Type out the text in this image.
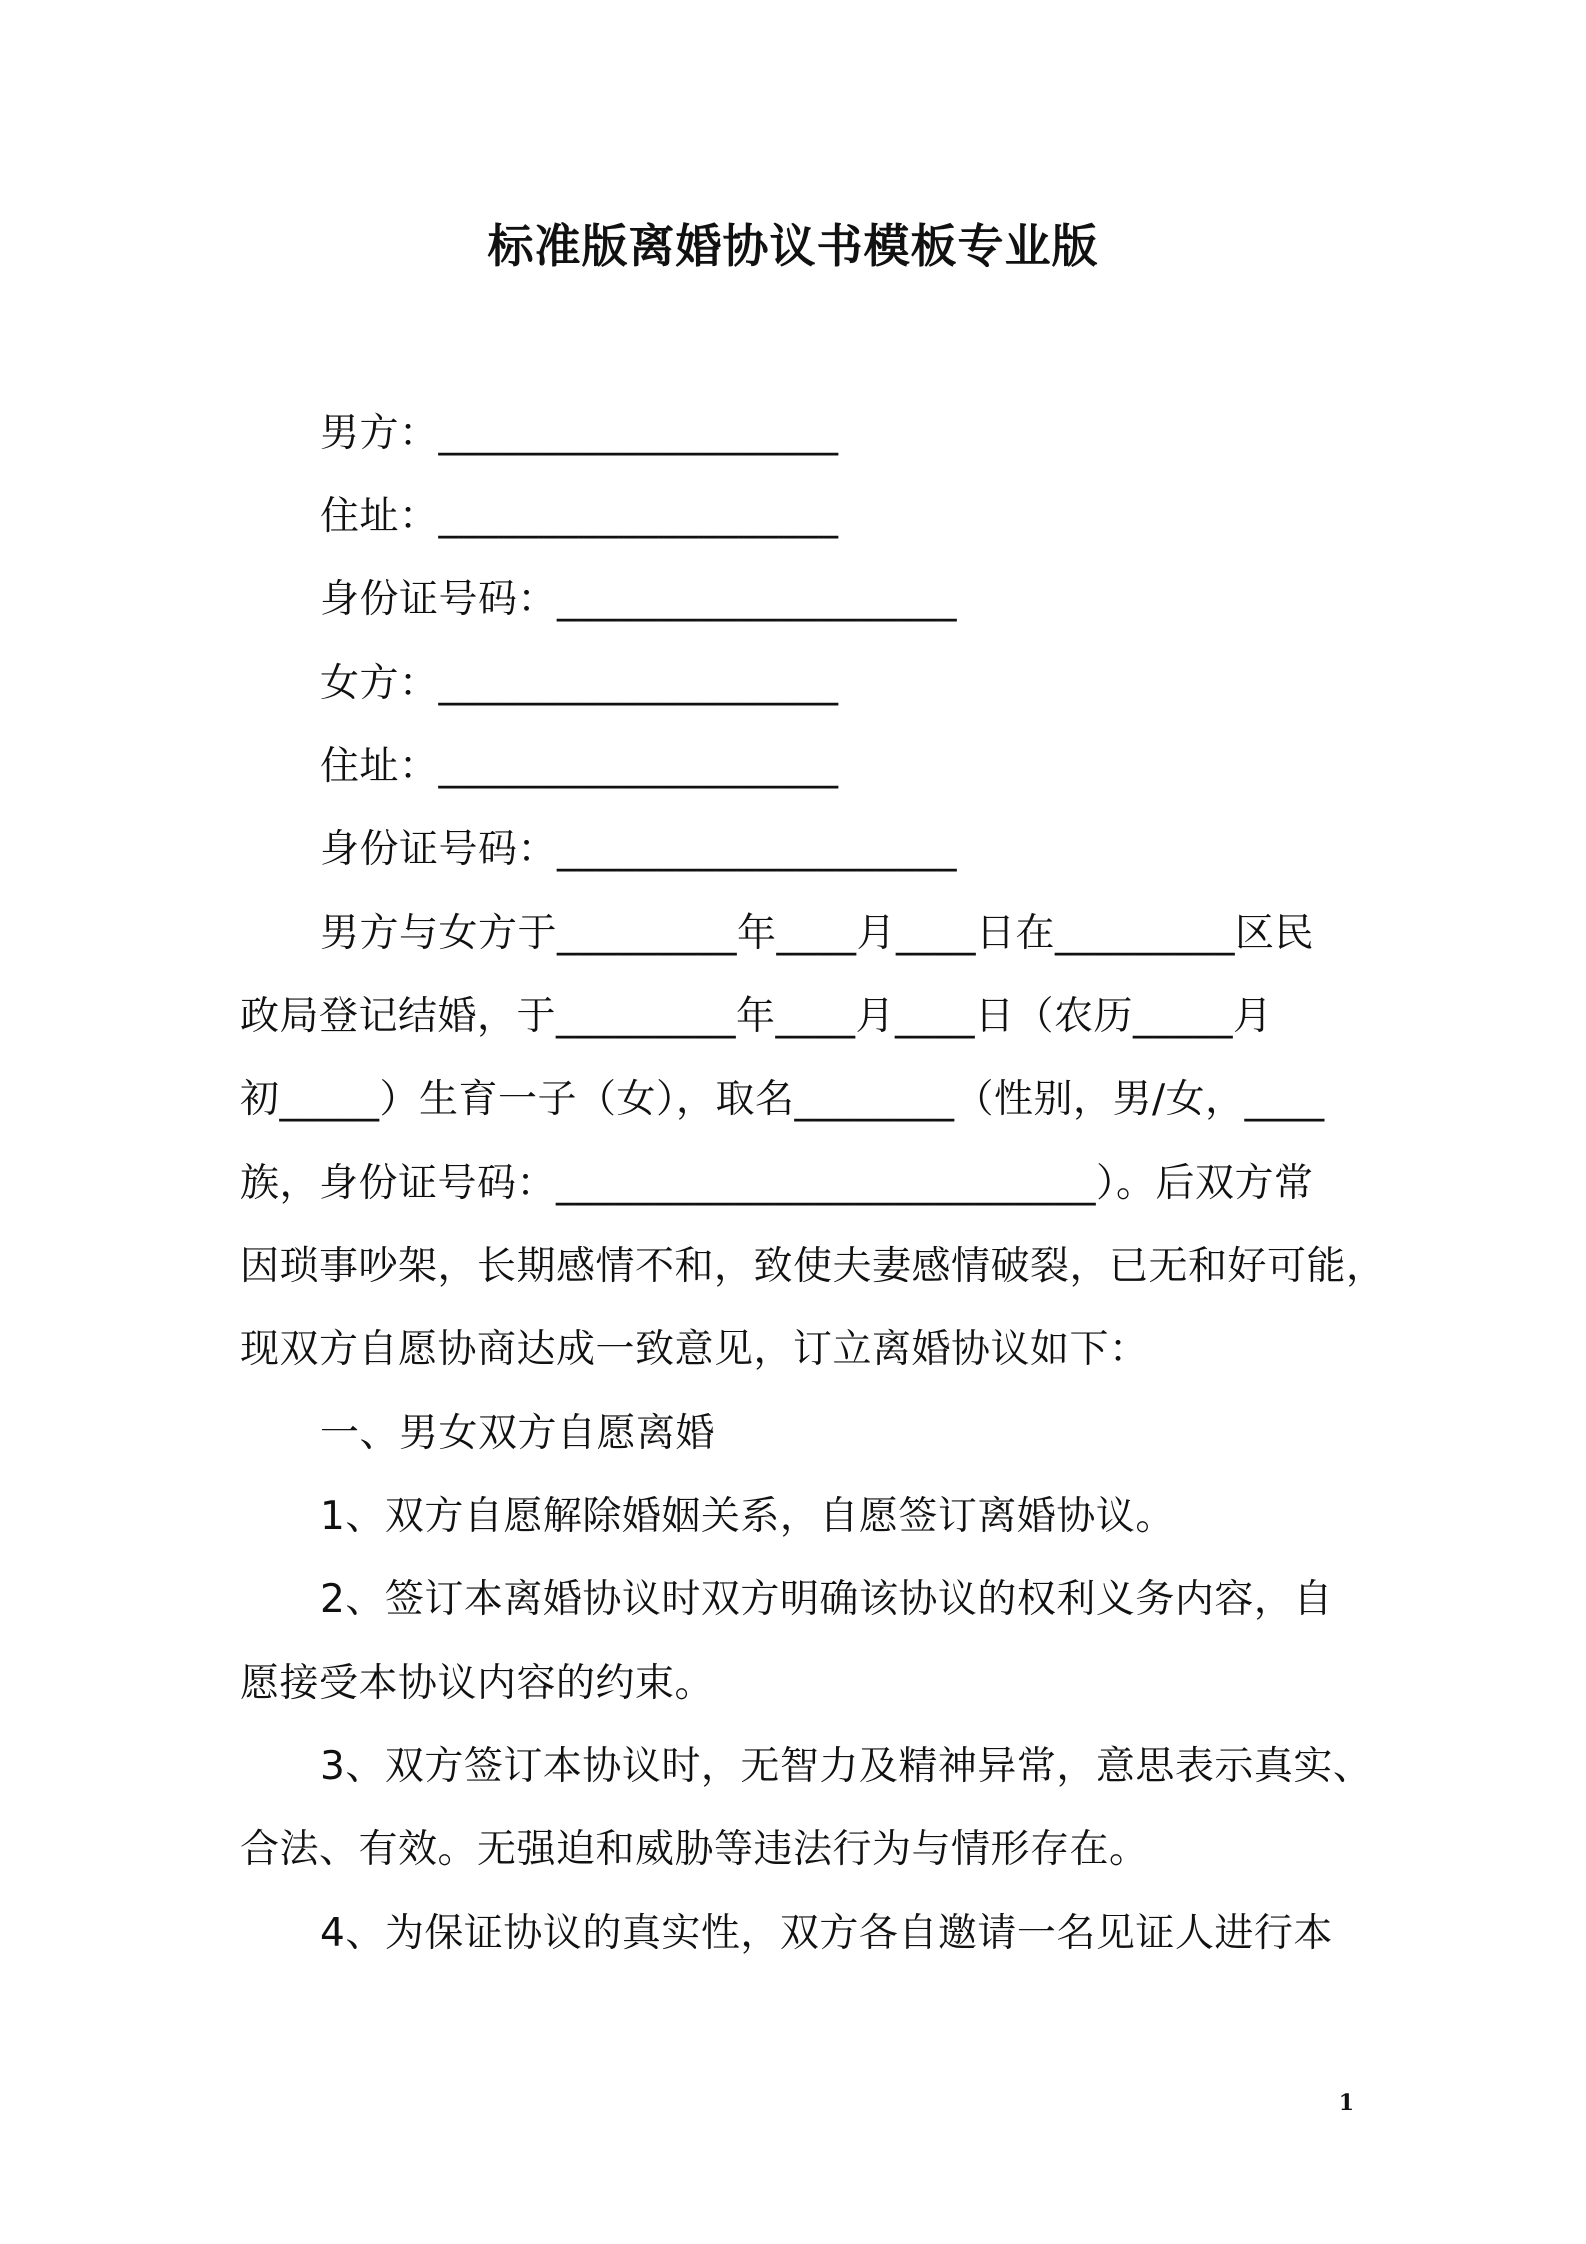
标准版离婚协议书模板专业版
男方：____________________
住址：____________________
身份证号码：____________________
女方：____________________
住址：____________________
身份证号码：____________________
男方与女方于_________年____月____日在_________区民
政局登记结婚，于_________年____月____日（农历_____月
初_____）生育一子（女），取名________（性别，男/女，____
族，身份证号码：___________________________）。后双方常
因琐事吵架，长期感情不和，致使夫妻感情破裂，已无和好可能，
现双方自愿协商达成一致意见，订立离婚协议如下：
一、男女双方自愿离婚
1、双方自愿解除婚姻关系，自愿签订离婚协议。
2、签订本离婚协议时双方明确该协议的权利义务内容，自
愿接受本协议内容的约束。
3、双方签订本协议时，无智力及精神异常，意思表示真实、
合法、有效。无强迫和威胁等违法行为与情形存在。
4、为保证协议的真实性，双方各自邀请一名见证人进行本
1
